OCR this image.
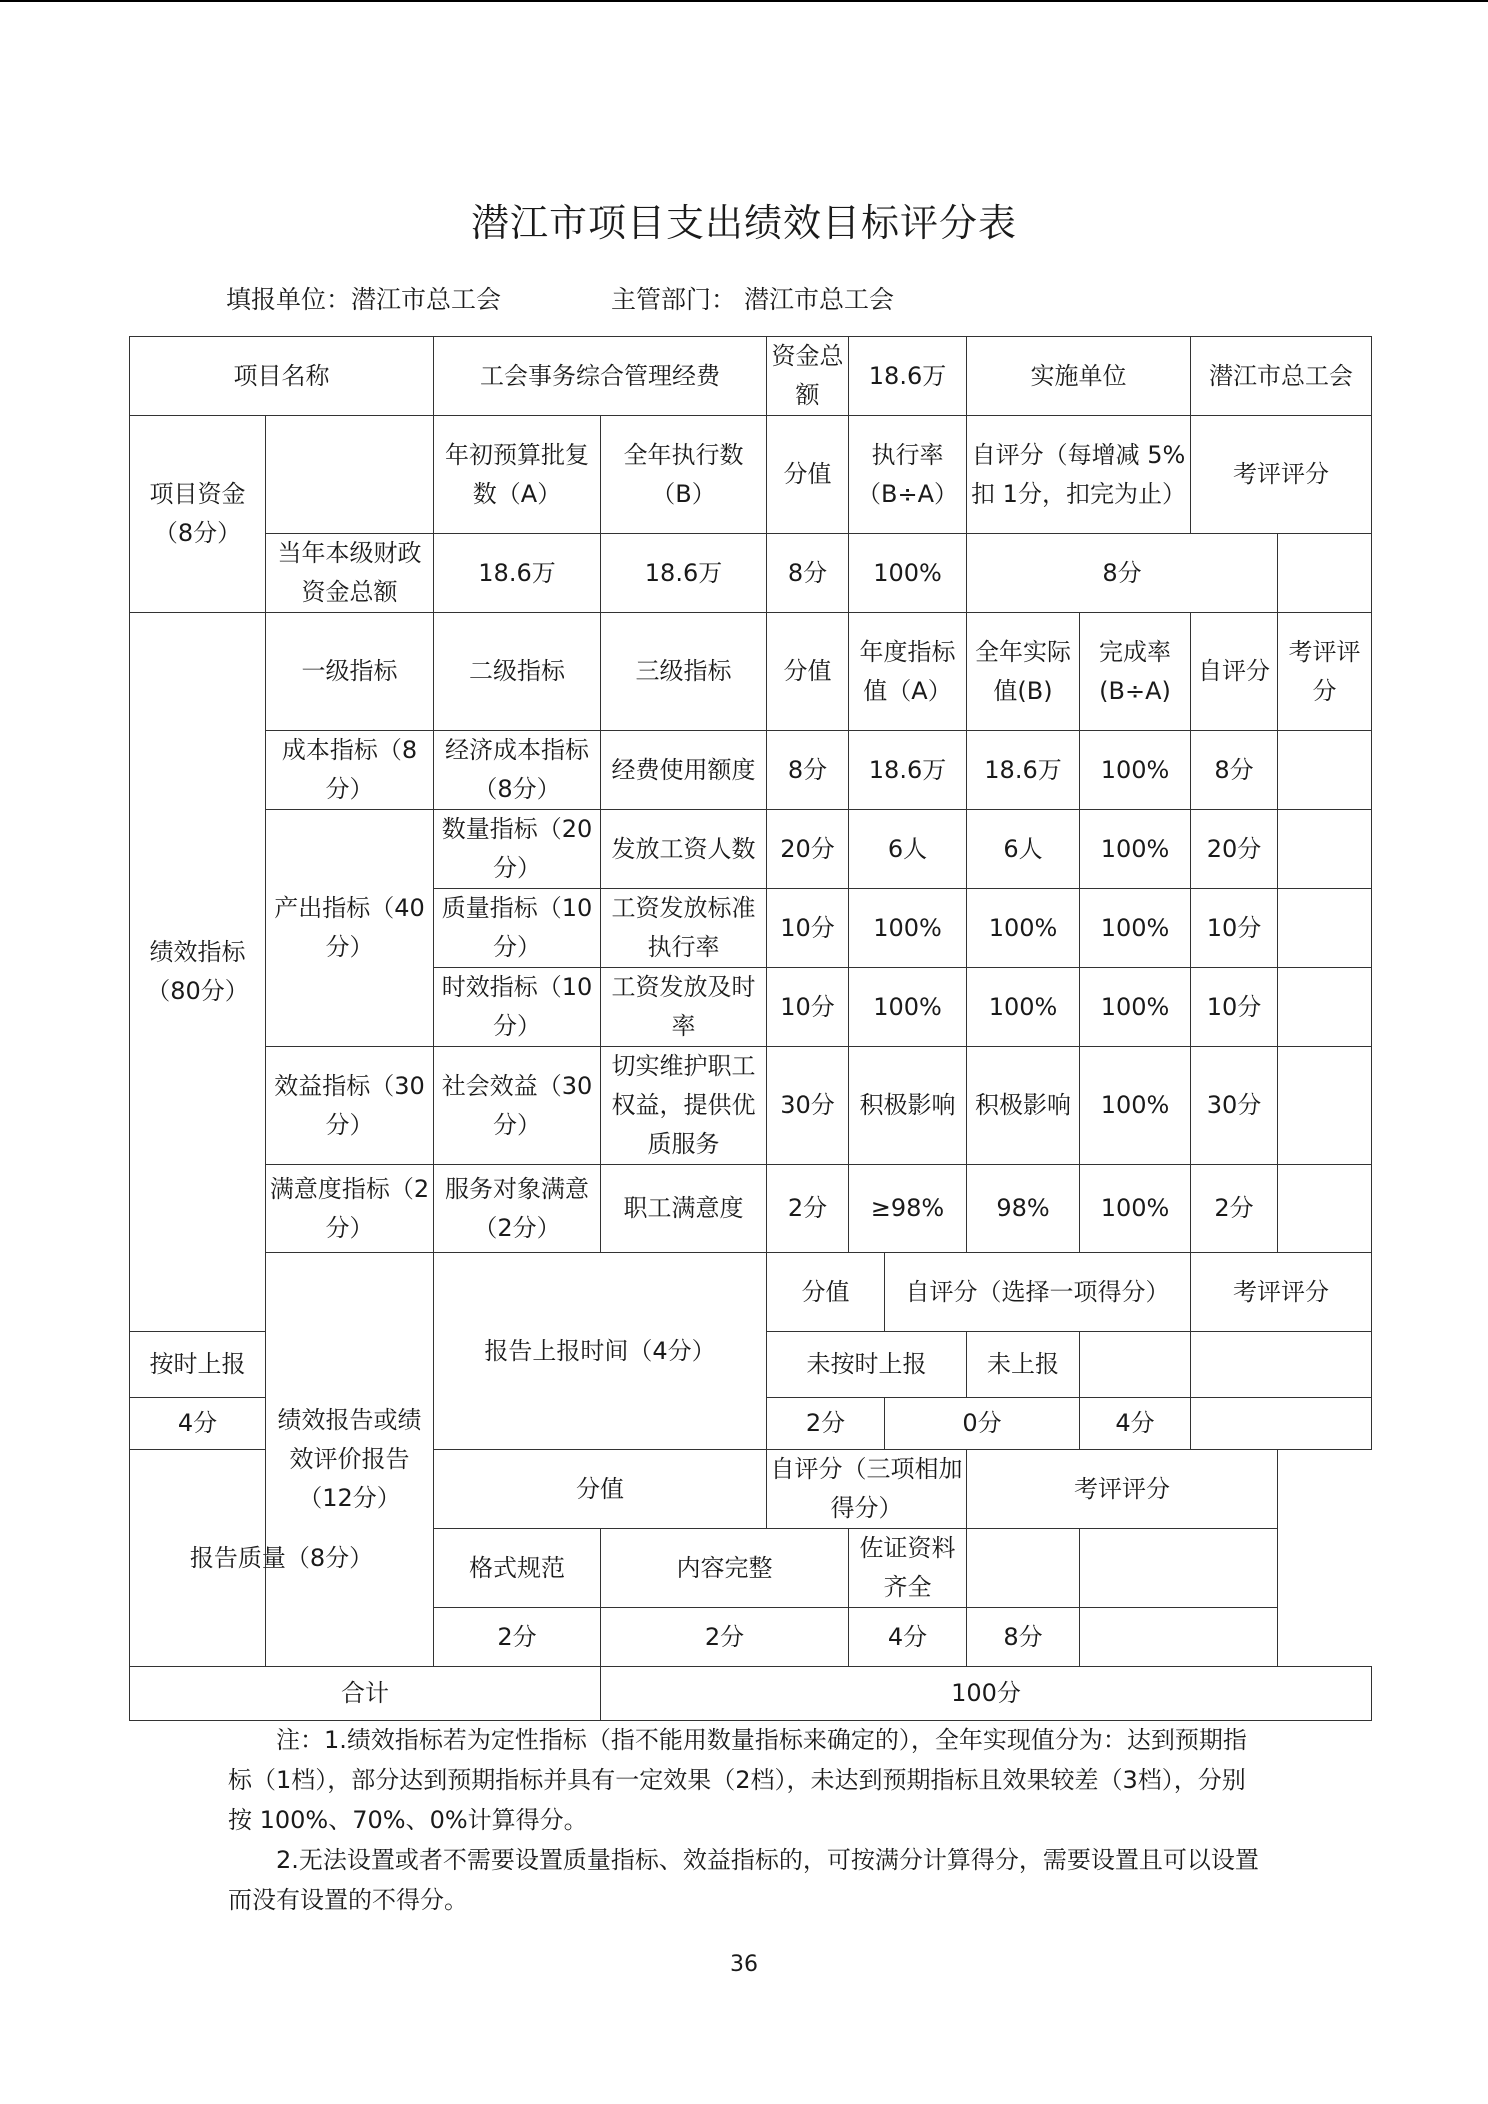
潜江市项目支出绩效目标评分表
填报单位：潜江市总工会	主管部门： 潜江市总工会
项目名称		工会事务综合管理经费		资金总额	18.6万		实施单位		潜江市总工会		
项目资金（8分）		年初预算批复数（A）	全年执行数（B）	分值	执行率（B÷A）		自评分（每增减 5%扣 1分，扣完为止）		考评评分		
	当年本级财政资金总额	18.6万	18.6万	8分	100%		8分				
绩效指标（80分）	一级指标	二级指标	三级指标	分值	年度指标值（A）		全年实际值(B)	完成率(B÷A)	自评分	考评评分	
	成本指标（8分）	经济成本指标（8分）	经费使用额度	8分	18.6万		18.6万	100%	8分		
	产出指标（40分）	数量指标（20分）	发放工资人数	20分	6人		6人	100%	20分		
		质量指标（10分）	工资发放标准执行率	10分	100%		100%	100%	10分		
		时效指标（10分）	工资发放及时率	10分	100%		100%	100%	10分		
	效益指标（30分）	社会效益（30分）	切实维护职工权益，提供优质服务	30分	积极影响		积极影响	100%	30分		
	满意度指标（2分）	服务对象满意（2分）	职工满意度	2分	≥98%		98%	100%	2分		
	绩效报告或绩效评价报告（12分）	报告上报时间（4分）		分值		自评分（选择一项得分）			考评评分		
按时上报				未按时上报			未上报				
4分				2分		0分		4分			
报告质量（8分）		分值		自评分（三项相加得分）			考评评分				
		格式规范	内容完整		佐证资料齐全						
		2分	2分		4分		8分				
合计			100分								

注：1.绩效指标若为定性指标（指不能用数量指标来确定的），全年实现值分为：达到预期指标（1档），部分达到预期指标并具有一定效果（2档），未达到预期指标且效果较差（3档），分别按 100%、70%、0%计算得分。

2.无法设置或者不需要设置质量指标、效益指标的，可按满分计算得分，需要设置且可以设置而没有设置的不得分。

36
